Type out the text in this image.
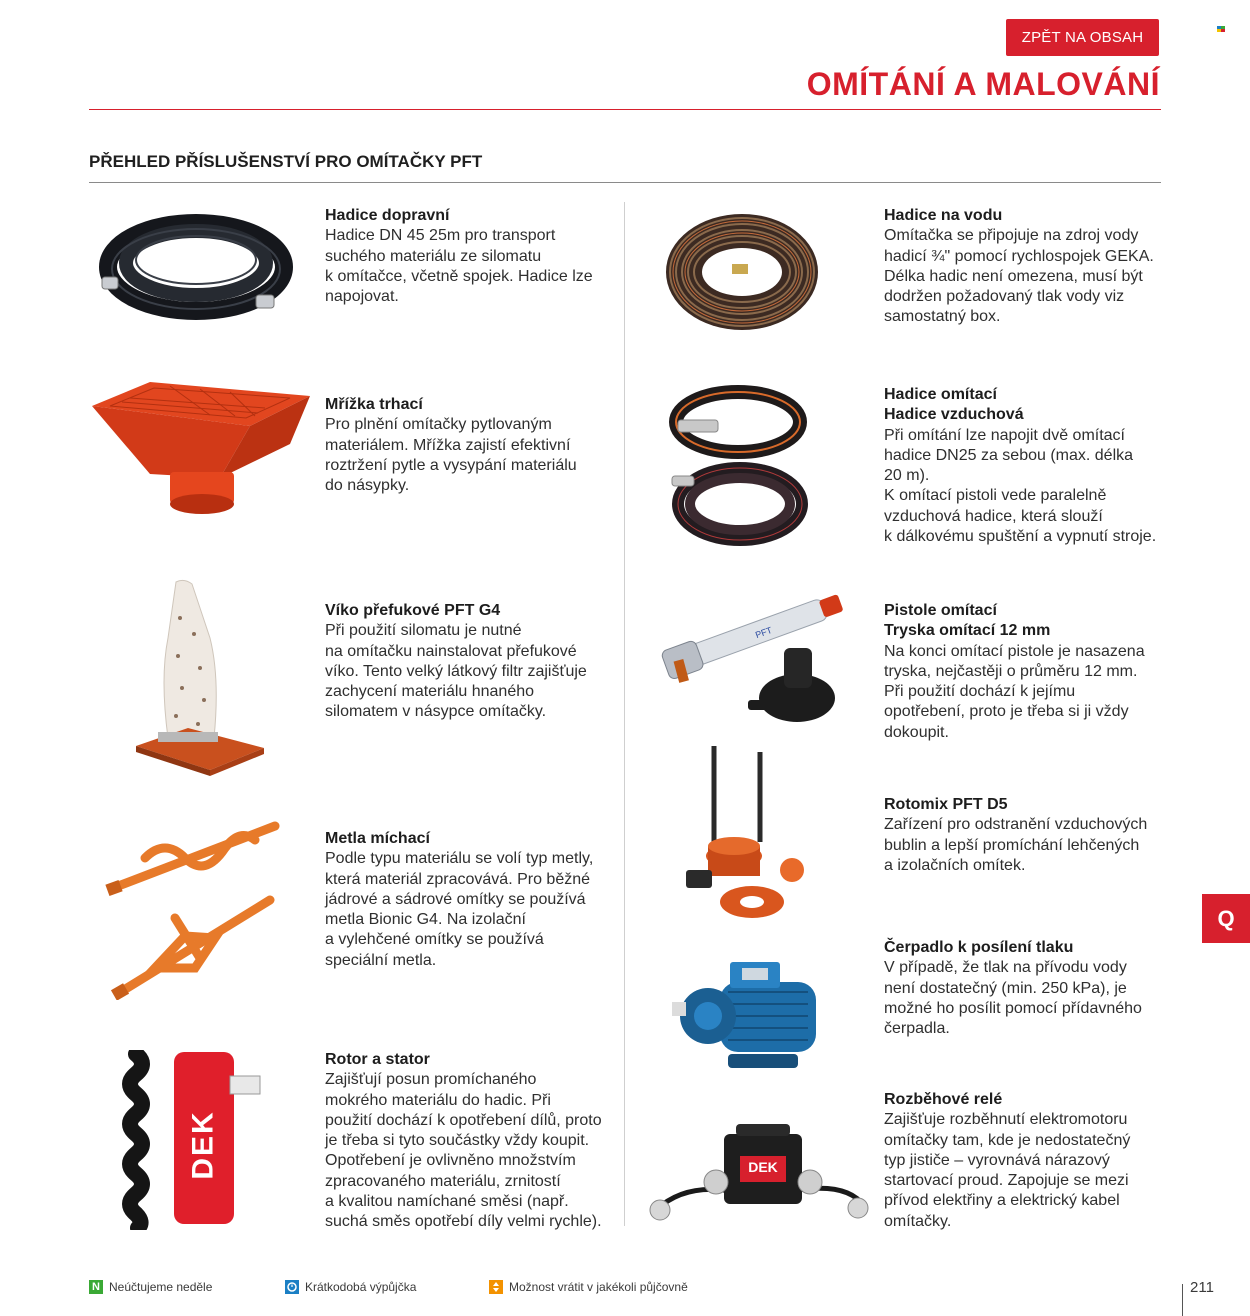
ZPĚT NA OBSAH
OMÍTÁNÍ A MALOVÁNÍ
PŘEHLED PŘÍSLUŠENSTVÍ PRO OMÍTAČKY PFT
Hadice dopravní
Hadice DN 45 25m pro transport
suchého materiálu ze silomatu
k omítačce, včetně spojek. Hadice lze
napojovat.
Mřížka trhací
Pro plnění omítačky pytlovaným
materiálem. Mřížka zajistí efektivní
roztržení pytle a vysypání materiálu
do násypky.
Víko přefukové PFT G4
Při použití silomatu je nutné
na omítačku nainstalovat přefukové
víko. Tento velký látkový filtr zajišťuje
zachycení materiálu hnaného
silomatem v násypce omítačky.
Metla míchací
Podle typu materiálu se volí typ metly,
která materiál zpracovává. Pro běžné
jádrové a sádrové omítky se používá
metla Bionic G4. Na izolační
a vylehčené omítky se používá
speciální metla.
DEK
Rotor a stator
Zajišťují posun promíchaného
mokrého materiálu do hadic. Při
použití dochází k opotřebení dílů, proto
je třeba si tyto součástky vždy koupit.
Opotřebení je ovlivněno množstvím
zpracovaného materiálu, zrnitostí
a kvalitou namíchané směsi (např.
suchá směs opotřebí díly velmi rychle).
Hadice na vodu
Omítačka se připojuje na zdroj vody
hadicí ¾" pomocí rychlospojek GEKA.
Délka hadic není omezena, musí být
dodržen požadovaný tlak vody viz
samostatný box.
Hadice omítací
Hadice vzduchová
Při omítání lze napojit dvě omítací
hadice DN25 za sebou (max. délka
20 m).
K omítací pistoli vede paralelně
vzduchová hadice, která slouží
k dálkovému spuštění a vypnutí stroje.
PFT
Pistole omítací
Tryska omítací 12 mm
Na konci omítací pistole je nasazena
tryska, nejčastěji o průměru 12 mm.
Při použití dochází k jejímu
opotřebení, proto je třeba si ji vždy
dokoupit.
Rotomix PFT D5
Zařízení pro odstranění vzduchových
bublin a lepší promíchání lehčených
a izolačních omítek.
Čerpadlo k posílení tlaku
V případě, že tlak na přívodu vody
není dostatečný (min. 250 kPa), je
možné ho posílit pomocí přídavného
čerpadla.
DEK
Rozběhové relé
Zajišťuje rozběhnutí elektromotoru
omítačky tam, kde je nedostatečný
typ jističe – vyrovnává nárazový
startovací proud. Zapojuje se mezi
přívod elektřiny a elektrický kabel
omítačky.
Q
N Neúčtujeme neděle	Krátkodobá výpůjčka	Možnost vrátit v jakékoli půjčovně	211
